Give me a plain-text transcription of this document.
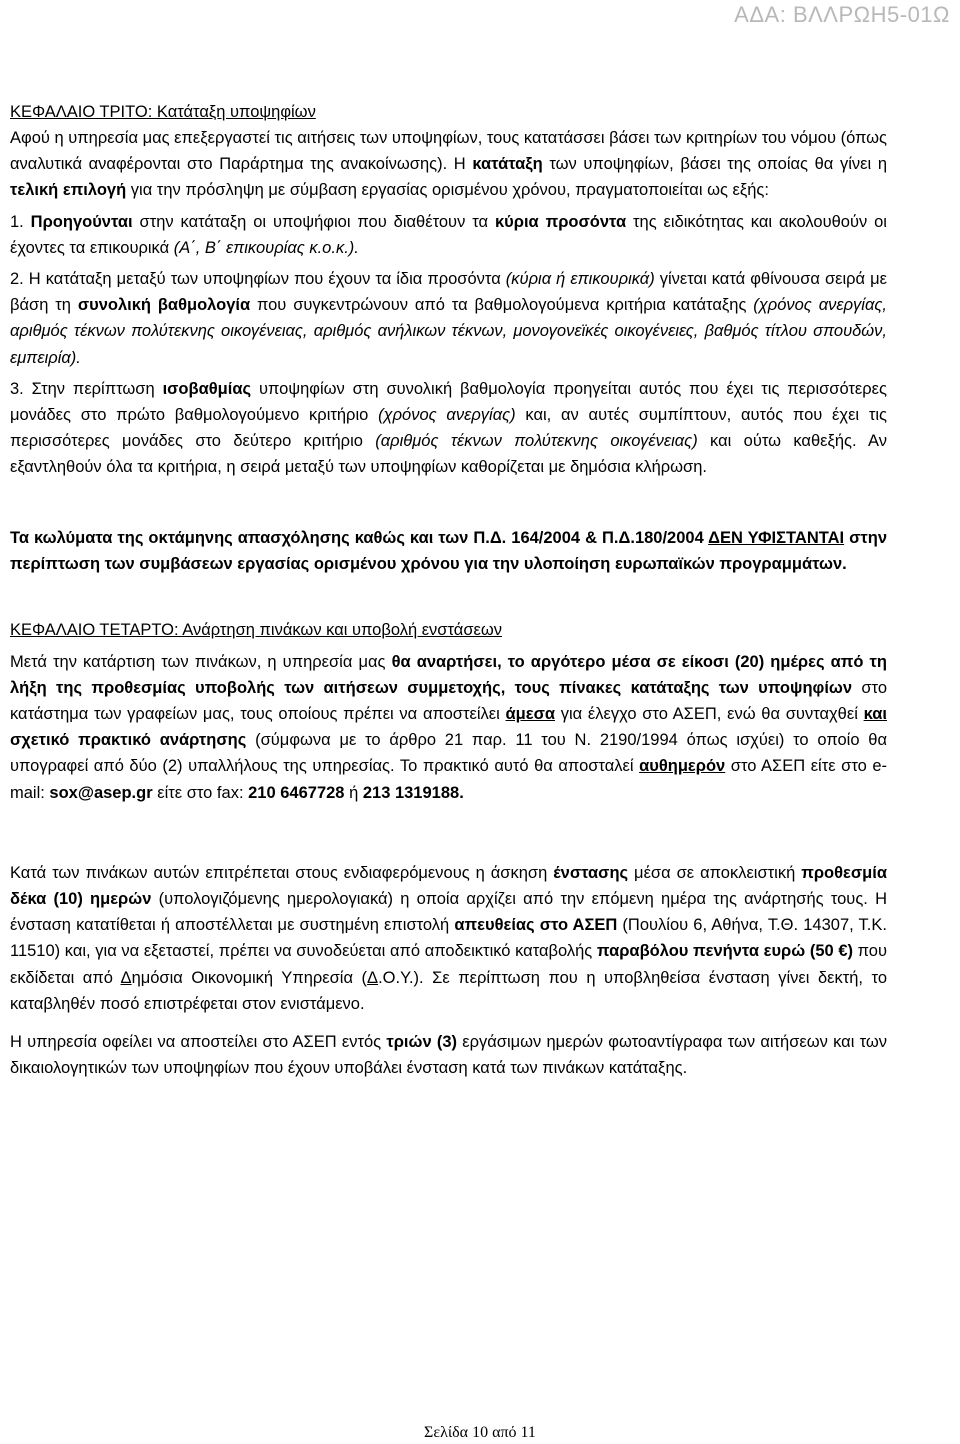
ΑΔΑ: ΒΛΛΡΩΗ5-01Ω
ΚΕΦΑΛΑΙΟ ΤΡΙΤΟ: Κατάταξη υποψηφίων

Αφού η υπηρεσία μας επεξεργαστεί τις αιτήσεις των υποψηφίων, τους κατατάσσει βάσει των κριτηρίων του νόμου (όπως αναλυτικά αναφέρονται στο Παράρτημα της ανακοίνωσης). Η κατάταξη των υποψηφίων, βάσει της οποίας θα γίνει η τελική επιλογή για την πρόσληψη με σύμβαση εργασίας ορισμένου χρόνου, πραγματοποιείται ως εξής:

1. Προηγούνται στην κατάταξη οι υποψήφιοι που διαθέτουν τα κύρια προσόντα της ειδικότητας και ακολουθούν οι έχοντες τα επικουρικά (Α΄, Β΄ επικουρίας κ.ο.κ.).

2. Η κατάταξη μεταξύ των υποψηφίων που έχουν τα ίδια προσόντα (κύρια ή επικουρικά) γίνεται κατά φθίνουσα σειρά με βάση τη συνολική βαθμολογία που συγκεντρώνουν από τα βαθμολογούμενα κριτήρια κατάταξης (χρόνος ανεργίας, αριθμός τέκνων πολύτεκνης οικογένειας, αριθμός ανήλικων τέκνων, μονογονεϊκές οικογένειες, βαθμός τίτλου σπουδών, εμπειρία).

3. Στην περίπτωση ισοβαθμίας υποψηφίων στη συνολική βαθμολογία προηγείται αυτός που έχει τις περισσότερες μονάδες στο πρώτο βαθμολογούμενο κριτήριο (χρόνος ανεργίας) και, αν αυτές συμπίπτουν, αυτός που έχει τις περισσότερες μονάδες στο δεύτερο κριτήριο (αριθμός τέκνων πολύτεκνης οικογένειας) και ούτω καθεξής. Αν εξαντληθούν όλα τα κριτήρια, η σειρά μεταξύ των υποψηφίων καθορίζεται με δημόσια κλήρωση.

Τα κωλύματα της οκτάμηνης απασχόλησης καθώς και των Π.Δ. 164/2004 & Π.Δ.180/2004 ΔΕΝ ΥΦΙΣΤΑΝΤΑΙ στην περίπτωση των συμβάσεων εργασίας ορισμένου χρόνου για την υλοποίηση ευρωπαϊκών προγραμμάτων.

ΚΕΦΑΛΑΙΟ ΤΕΤΑΡΤΟ: Ανάρτηση πινάκων και υποβολή ενστάσεων

Μετά την κατάρτιση των πινάκων, η υπηρεσία μας θα αναρτήσει, το αργότερο μέσα σε είκοσι (20) ημέρες από τη λήξη της προθεσμίας υποβολής των αιτήσεων συμμετοχής, τους πίνακες κατάταξης των υποψηφίων στο κατάστημα των γραφείων μας, τους οποίους πρέπει να αποστείλει άμεσα για έλεγχο στο ΑΣΕΠ, ενώ θα συνταχθεί και σχετικό πρακτικό ανάρτησης (σύμφωνα με το άρθρο 21 παρ. 11 του Ν. 2190/1994 όπως ισχύει) το οποίο θα υπογραφεί από δύο (2) υπαλλήλους της υπηρεσίας. Το πρακτικό αυτό θα αποσταλεί αυθημερόν στο ΑΣΕΠ είτε στο e-mail: sox@asep.gr είτε στο fax: 210 6467728 ή 213 1319188.

Κατά των πινάκων αυτών επιτρέπεται στους ενδιαφερόμενους η άσκηση ένστασης μέσα σε αποκλειστική προθεσμία δέκα (10) ημερών (υπολογιζόμενης ημερολογιακά) η οποία αρχίζει από την επόμενη ημέρα της ανάρτησής τους. Η ένσταση κατατίθεται ή αποστέλλεται με συστημένη επιστολή απευθείας στο ΑΣΕΠ (Πουλίου 6, Αθήνα, Τ.Θ. 14307, Τ.Κ. 11510) και, για να εξεταστεί, πρέπει να συνοδεύεται από αποδεικτικό καταβολής παραβόλου πενήντα ευρώ (50 €) που εκδίδεται από Δημόσια Οικονομική Υπηρεσία (Δ.Ο.Υ.). Σε περίπτωση που η υποβληθείσα ένσταση γίνει δεκτή, το καταβληθέν ποσό επιστρέφεται στον ενιστάμενο.

Η υπηρεσία οφείλει να αποστείλει στο ΑΣΕΠ εντός τριών (3) εργάσιμων ημερών φωτοαντίγραφα των αιτήσεων και των δικαιολογητικών των υποψηφίων που έχουν υποβάλει ένσταση κατά των πινάκων κατάταξης.

Σελίδα 10 από 11
